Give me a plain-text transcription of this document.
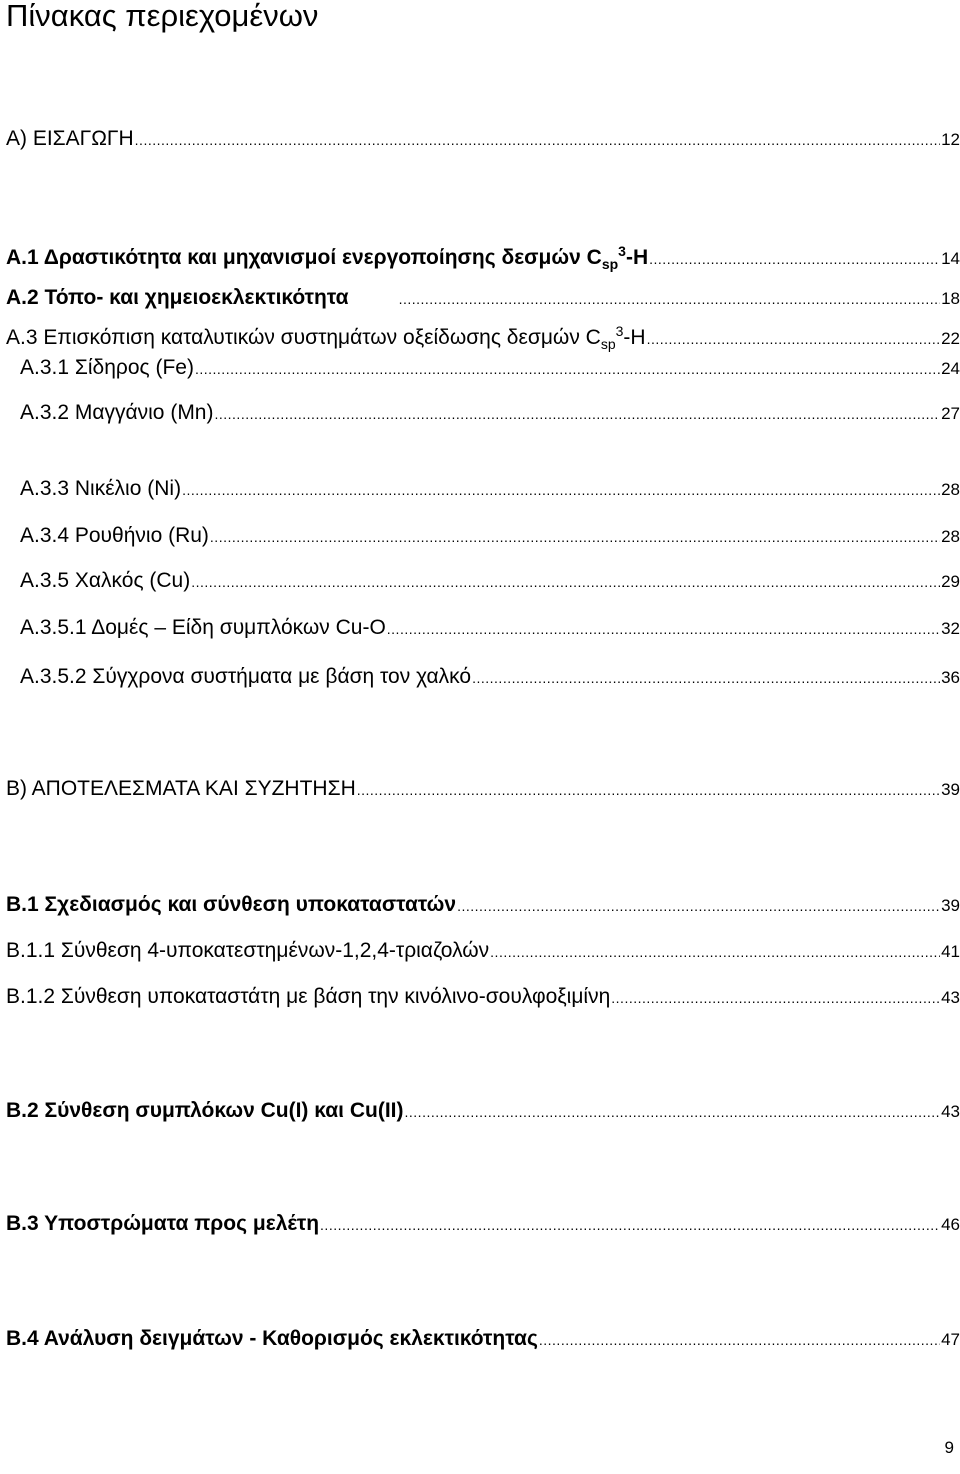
Πίνακας περιεχομένων
Α) ΕΙΣΑΓΩΓΗ .....	12
Α.1 Δραστικότητα και μηχανισμοί ενεργοποίησης δεσμών $C_{sp}^3-H$ .....	14
Α.2 Τόπο- και χημειοεκλεκτικότητα .....	18
Α.3 Επισκόπιση καταλυτικών συστημάτων οξείδωσης δεσμών $C_{sp}^3-H$ .....	22
Α.3.1 Σίδηρος (Fe) .....	24
Α.3.2 Μαγγάνιο (Mn) .....	27
Α.3.3 Νικέλιο (Ni) .....	28
Α.3.4 Ρουθήνιο (Ru) .....	28
Α.3.5 Χαλκός (Cu) .....	29
Α.3.5.1 Δομές – Είδη συμπλόκων Cu-O .....	32
Α.3.5.2 Σύγχρονα συστήματα με βάση τον χαλκό .....	36
Β) ΑΠΟΤΕΛΕΣΜΑΤΑ ΚΑΙ ΣΥΖΗΤΗΣΗ .....	39
Β.1 Σχεδιασμός και σύνθεση υποκαταστατών .....	39
Β.1.1 Σύνθεση 4-υποκατεστημένων-1,2,4-τριαζολών .....	41
Β.1.2 Σύνθεση υποκαταστάτη με βάση την κινόλινο-σουλφοξιμίνη .....	43
Β.2 Σύνθεση συμπλόκων Cu(I) και Cu(II) .....	43
Β.3 Υποστρώματα προς μελέτη .....	46
Β.4 Ανάλυση δειγμάτων - Καθορισμός εκλεκτικότητας .....	47
9
